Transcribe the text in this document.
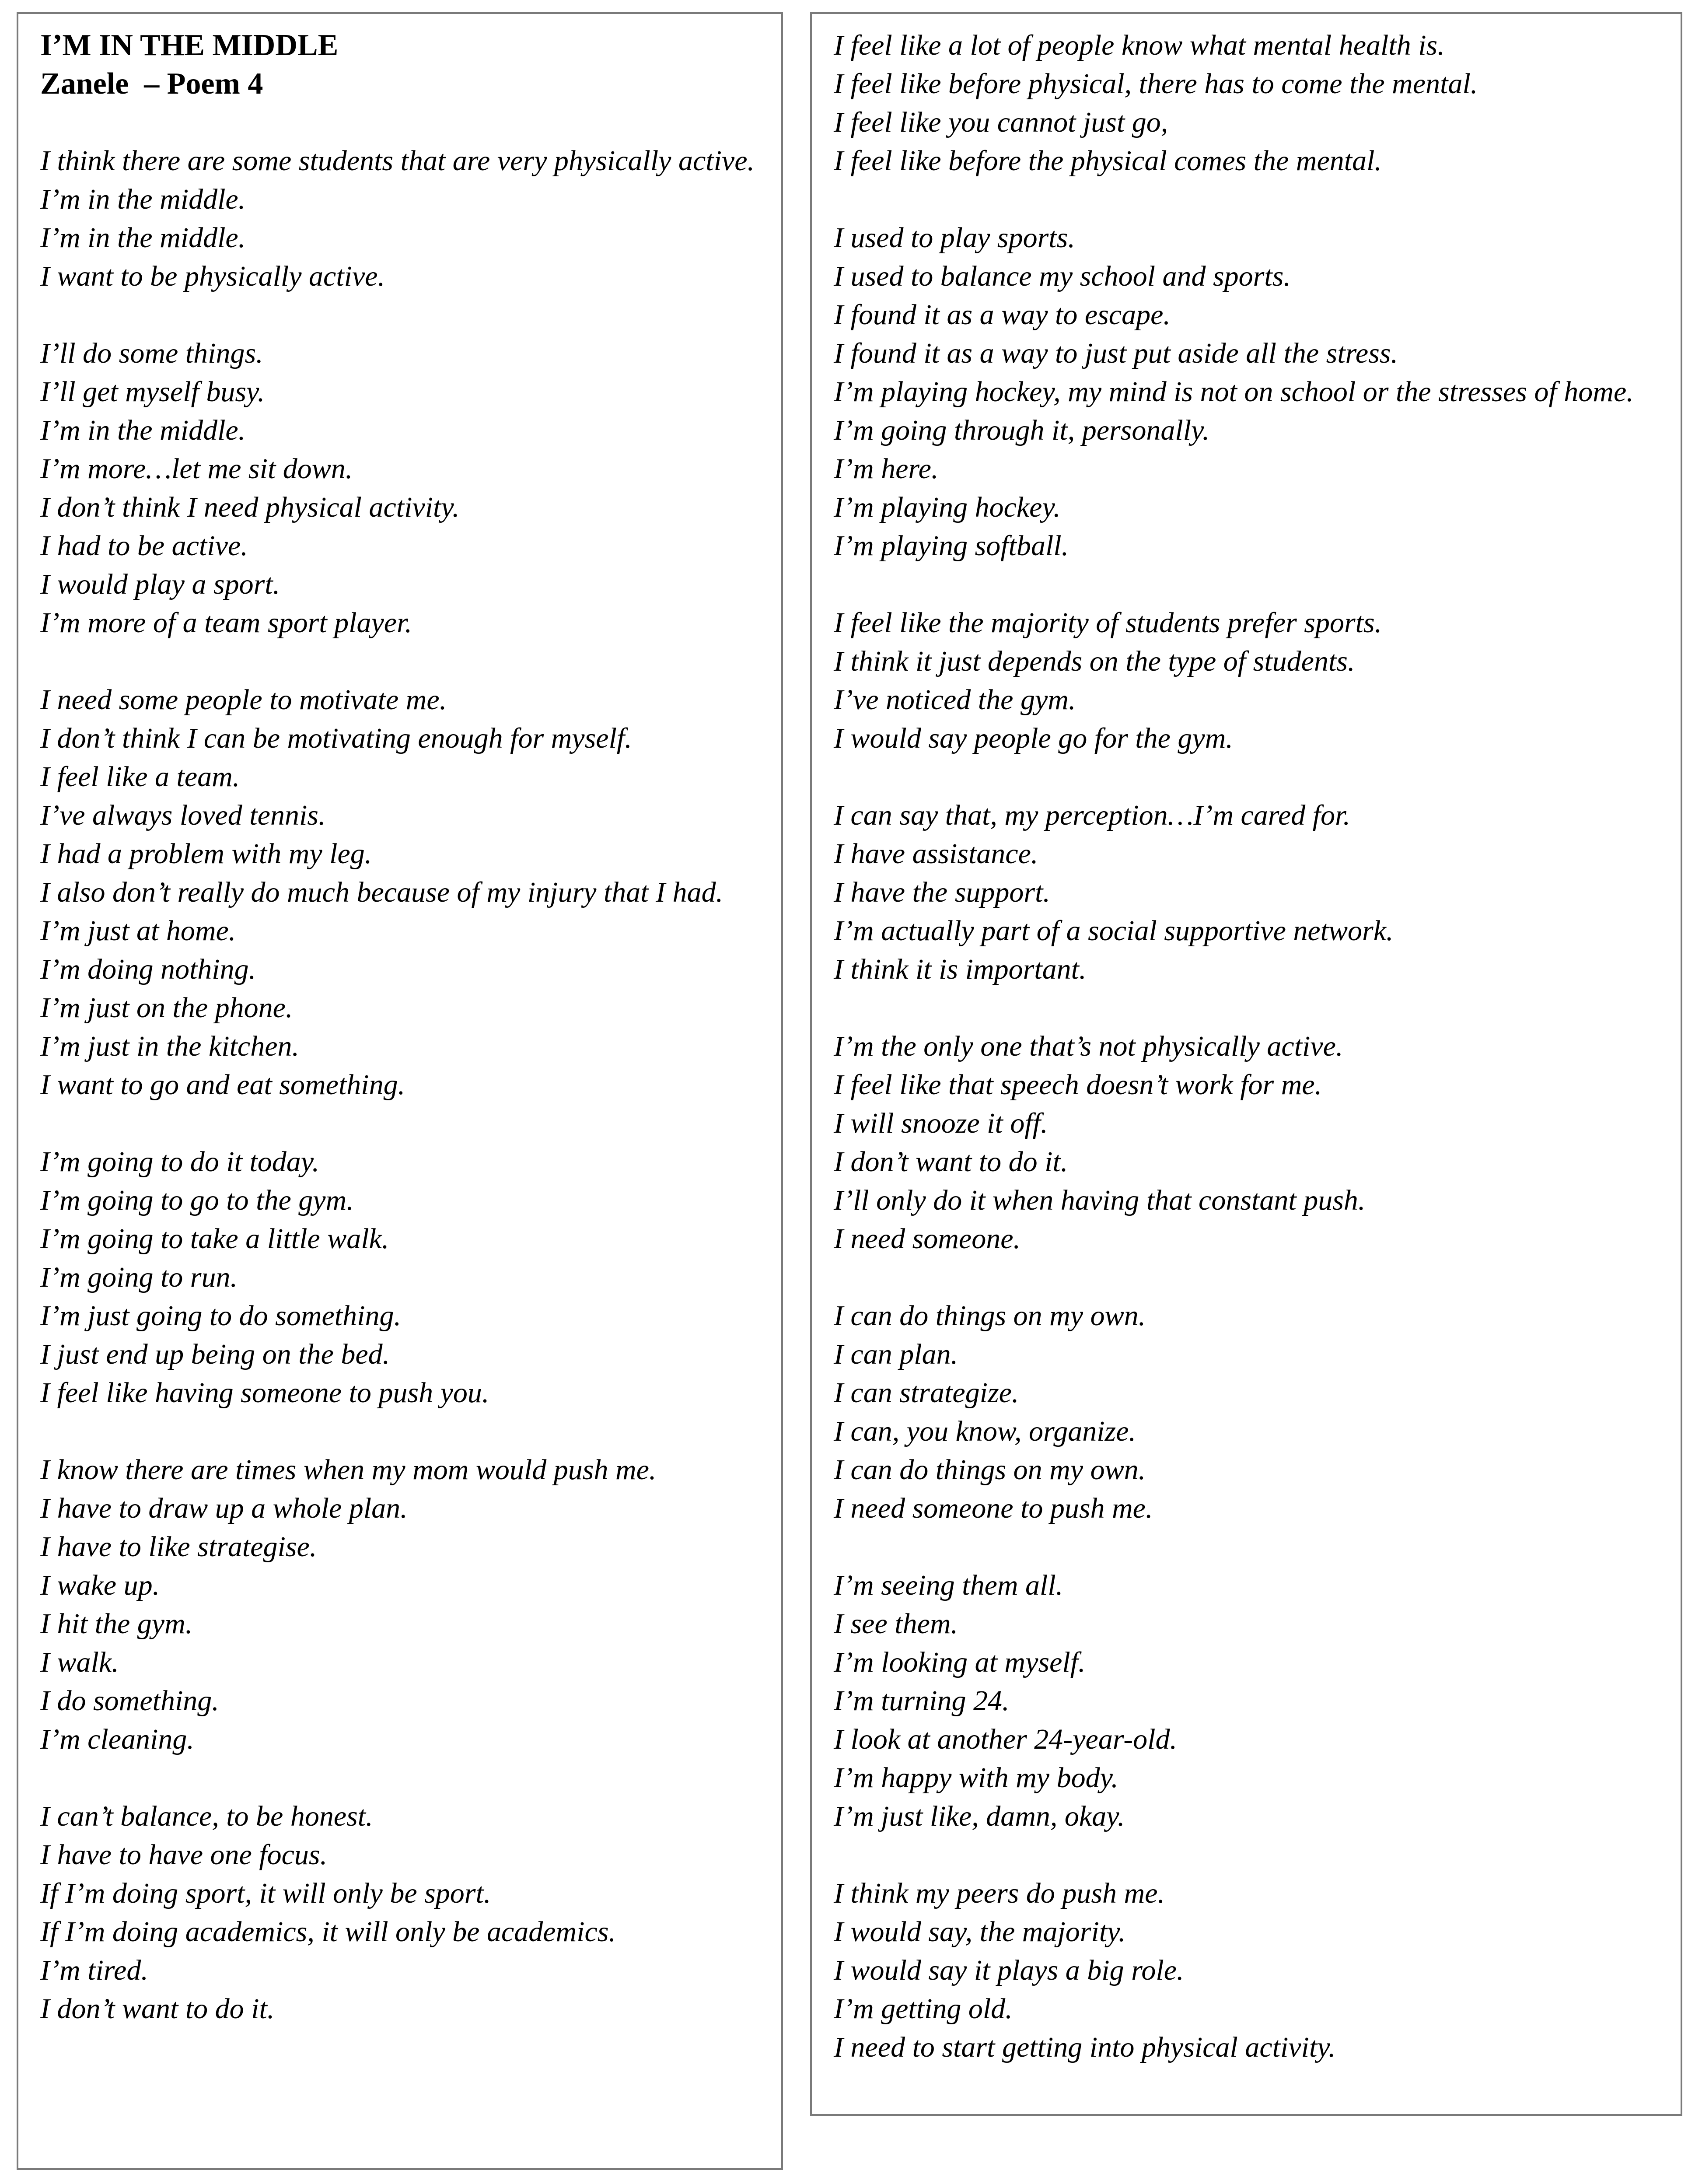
I’M IN THE MIDDLE
Zanele  – Poem 4
I think there are some students that are very physically active.
I’m in the middle.
I’m in the middle.
I want to be physically active.
I’ll do some things.
I’ll get myself busy.
I’m in the middle.
I’m more…let me sit down.
I don’t think I need physical activity.
I had to be active.
I would play a sport.
I’m more of a team sport player.
I need some people to motivate me.
I don’t think I can be motivating enough for myself.
I feel like a team.
I’ve always loved tennis.
I had a problem with my leg.
I also don’t really do much because of my injury that I had.
I’m just at home.
I’m doing nothing.
I’m just on the phone.
I’m just in the kitchen.
I want to go and eat something.
I’m going to do it today.
I’m going to go to the gym.
I’m going to take a little walk.
I’m going to run.
I’m just going to do something.
I just end up being on the bed.
I feel like having someone to push you.
I know there are times when my mom would push me.
I have to draw up a whole plan.
I have to like strategise.
I wake up.
I hit the gym.
I walk.
I do something.
I’m cleaning.
I can’t balance, to be honest.
I have to have one focus.
If I’m doing sport, it will only be sport.
If I’m doing academics, it will only be academics.
I’m tired.
I don’t want to do it.
I feel like a lot of people know what mental health is.
I feel like before physical, there has to come the mental.
I feel like you cannot just go,
I feel like before the physical comes the mental.
I used to play sports.
I used to balance my school and sports.
I found it as a way to escape.
I found it as a way to just put aside all the stress.
I’m playing hockey, my mind is not on school or the stresses of home.
I’m going through it, personally.
I’m here.
I’m playing hockey.
I’m playing softball.
I feel like the majority of students prefer sports.
I think it just depends on the type of students.
I’ve noticed the gym.
I would say people go for the gym.
I can say that, my perception…I’m cared for.
I have assistance.
I have the support.
I’m actually part of a social supportive network.
I think it is important.
I’m the only one that’s not physically active.
I feel like that speech doesn’t work for me.
I will snooze it off.
I don’t want to do it.
I’ll only do it when having that constant push.
I need someone.
I can do things on my own.
I can plan.
I can strategize.
I can, you know, organize.
I can do things on my own.
I need someone to push me.
I’m seeing them all.
I see them.
I’m looking at myself.
I’m turning 24.
I look at another 24-year-old.
I’m happy with my body.
I’m just like, damn, okay.
I think my peers do push me.
I would say, the majority.
I would say it plays a big role.
I’m getting old.
I need to start getting into physical activity.
